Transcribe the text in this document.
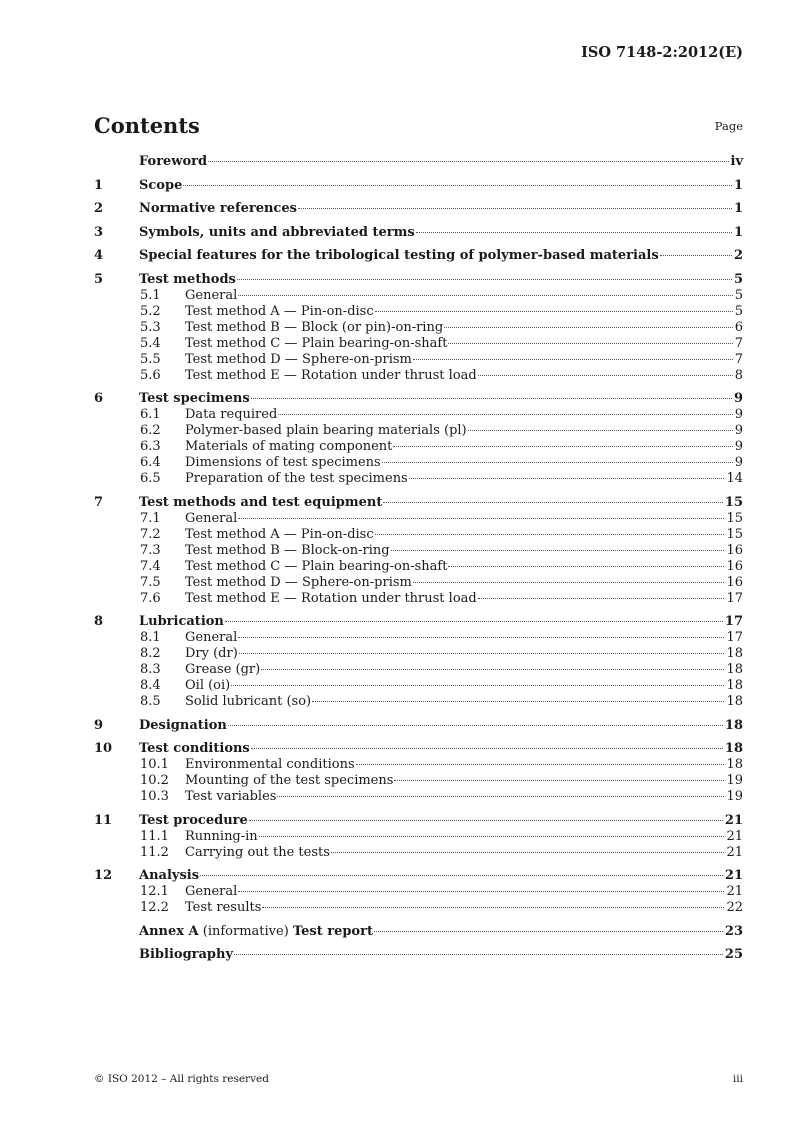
ISO 7148-2:2012(E)
Contents	Page
Foreword	iv
1	Scope	1
2	Normative references	1
3	Symbols, units and abbreviated terms	1
4	Special features for the tribological testing of polymer-based materials	2
5	Test methods	5
5.1	General	5
5.2	Test method A — Pin-on-disc	5
5.3	Test method B — Block (or pin)-on-ring	6
5.4	Test method C — Plain bearing-on-shaft	7
5.5	Test method D — Sphere-on-prism	7
5.6	Test method E — Rotation under thrust load	8
6	Test specimens	9
6.1	Data required	9
6.2	Polymer-based plain bearing materials (pl)	9
6.3	Materials of mating component	9
6.4	Dimensions of test specimens	9
6.5	Preparation of the test specimens	14
7	Test methods and test equipment	15
7.1	General	15
7.2	Test method A — Pin-on-disc	15
7.3	Test method B — Block-on-ring	16
7.4	Test method C — Plain bearing-on-shaft	16
7.5	Test method D — Sphere-on-prism	16
7.6	Test method E — Rotation under thrust load	17
8	Lubrication	17
8.1	General	17
8.2	Dry (dr)	18
8.3	Grease (gr)	18
8.4	Oil (oi)	18
8.5	Solid lubricant (so)	18
9	Designation	18
10	Test conditions	18
10.1	Environmental conditions	18
10.2	Mounting of the test specimens	19
10.3	Test variables	19
11	Test procedure	21
11.1	Running-in	21
11.2	Carrying out the tests	21
12	Analysis	21
12.1	General	21
12.2	Test results	22
Annex A (informative) Test report	23
Bibliography	25
© ISO 2012 – All rights reserved	iii
